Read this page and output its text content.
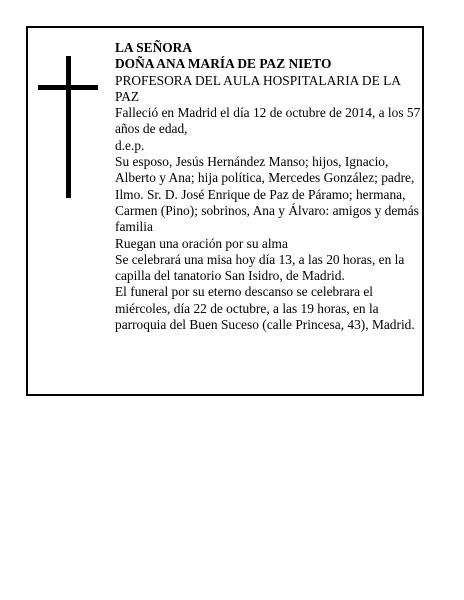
LA SEÑORA

DOÑA ANA MARÍA DE PAZ NIETO

PROFESORA DEL AULA HOSPITALARIA DE LA PAZ

Falleció en Madrid el día 12 de octubre de 2014, a los 57 años de edad,

d.e.p.

Su esposo, Jesús Hernández Manso; hijos, Ignacio, Alberto y Ana; hija política, Mercedes González; padre, Ilmo. Sr. D. José Enrique de Paz de Páramo; hermana, Carmen (Pino); sobrinos, Ana y Álvaro: amigos y demás familia

Ruegan una oración por su alma

Se celebrará una misa hoy día 13, a las 20 horas, en la capilla del tanatorio San Isidro, de Madrid.

El funeral por su eterno descanso se celebrara el miércoles, día 22 de octubre, a las 19 horas, en la parroquia del Buen Suceso (calle Princesa, 43), Madrid.
